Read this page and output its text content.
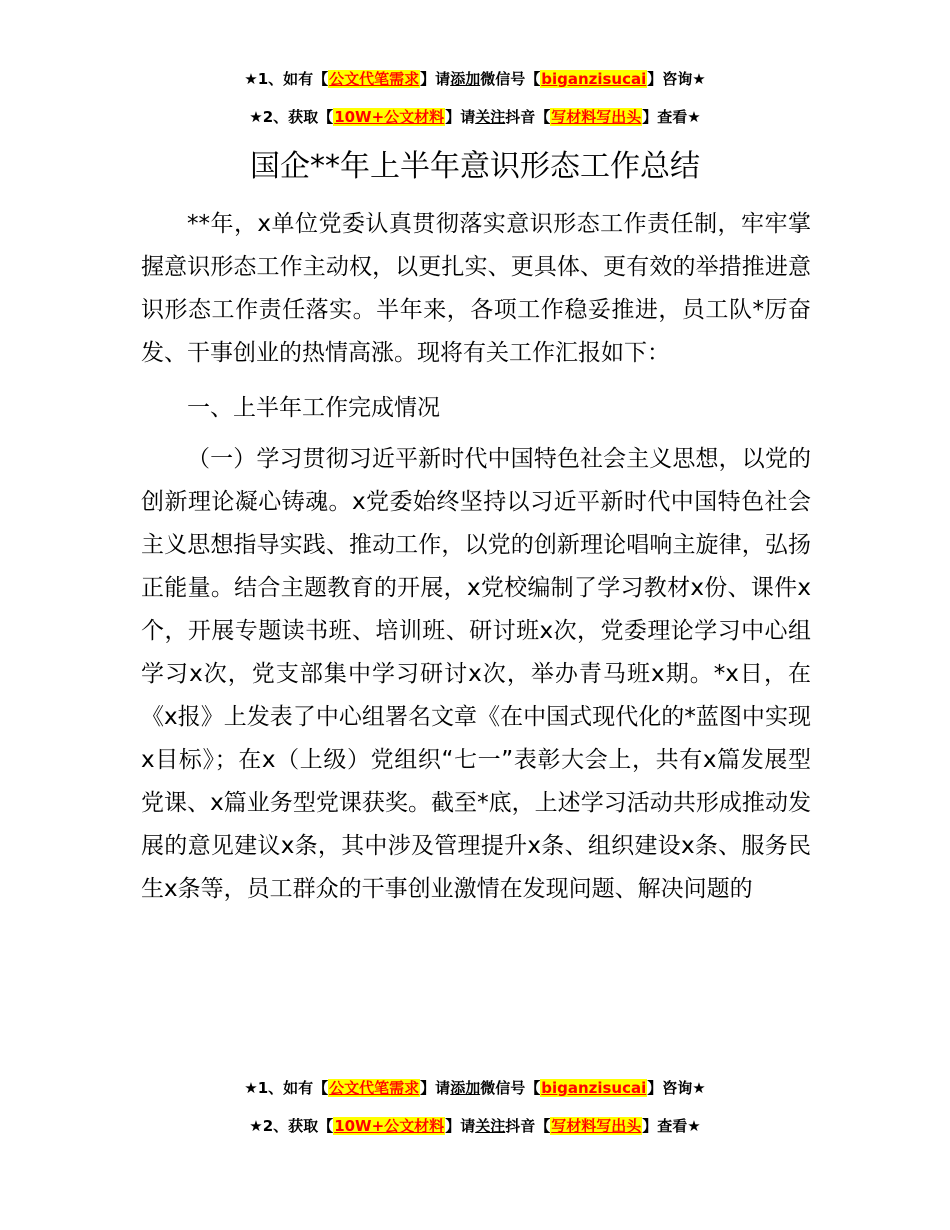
★1、如有【公文代笔需求】请添加微信号【biganzisucai】咨询★
★2、获取【10W+公文材料】请关注抖音【写材料写出头】查看★
国企**年上半年意识形态工作总结

**年，x单位党委认真贯彻落实意识形态工作责任制，牢牢掌握意识形态工作主动权，以更扎实、更具体、更有效的举措推进意识形态工作责任落实。半年来，各项工作稳妥推进，员工队*厉奋发、干事创业的热情高涨。现将有关工作汇报如下：

一、上半年工作完成情况

（一）学习贯彻习近平新时代中国特色社会主义思想，以党的创新理论凝心铸魂。x党委始终坚持以习近平新时代中国特色社会主义思想指导实践、推动工作，以党的创新理论唱响主旋律，弘扬正能量。结合主题教育的开展，x党校编制了学习教材x份、课件x个，开展专题读书班、培训班、研讨班x次，党委理论学习中心组学习x次，党支部集中学习研讨x次，举办青马班x期。*x日，在《x报》上发表了中心组署名文章《在中国式现代化的*蓝图中实现x目标》；在x（上级）党组织“七一”表彰大会上，共有x篇发展型党课、x篇业务型党课获奖。截至*底，上述学习活动共形成推动发展的意见建议x条，其中涉及管理提升x条、组织建设x条、服务民生x条等，员工群众的干事创业激情在发现问题、解决问题的

★1、如有【公文代笔需求】请添加微信号【biganzisucai】咨询★
★2、获取【10W+公文材料】请关注抖音【写材料写出头】查看★
